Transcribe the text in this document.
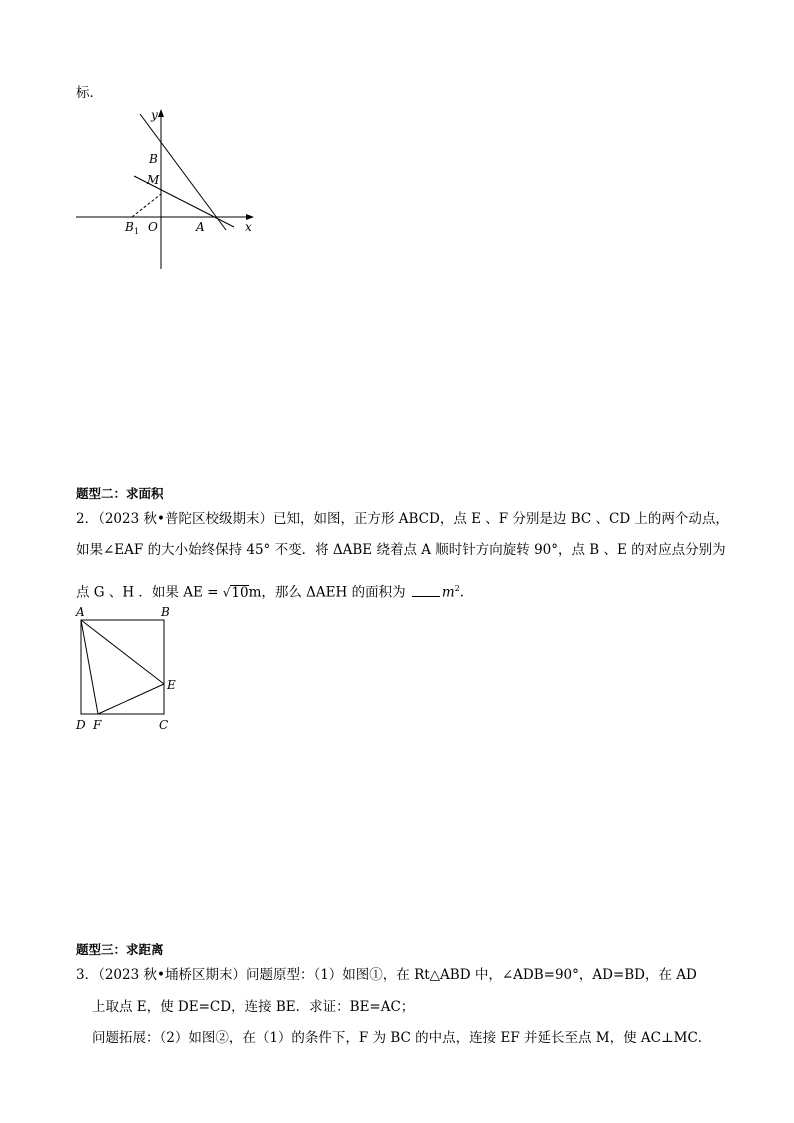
标．
y
B
M
B 1 O	A	x
题型二：求面积
2．（2023 秋•普陀区校级期末）已知，如图，正方形 ABCD，点 E 、F 分别是边 BC 、CD 上的两个动点，
如果∠EAF 的大小始终保持 45° 不变．将 ΔABE 绕着点 A 顺时针方向旋转 90°，点 B 、E 的对应点分别为
点 G 、H ．如果 AE = √10m，那么 ΔAEH 的面积为 $m^2$．
A	B
E
D F	C
题型三：求距离
3．（2023 秋•埇桥区期末）问题原型：（1）如图①，在 Rt△ABD 中，∠ADB=90°，AD=BD，在 AD
上取点 E，使 DE=CD，连接 BE．求证：BE=AC；
问题拓展：（2）如图②，在（1）的条件下，F 为 BC 的中点，连接 EF 并延长至点 M，使 AC⊥MC．
